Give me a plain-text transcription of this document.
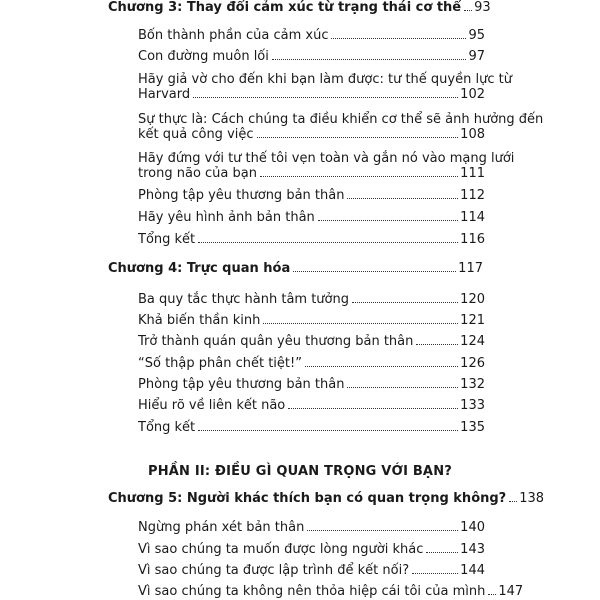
Chương 3: Thay đổi cảm xúc từ trạng thái cơ thể 93
Bốn thành phần của cảm xúc	95
Con đường muôn lối	97
Hãy giả vờ cho đến khi bạn làm được: tư thế quyền lực từ
Harvard	102
Sự thực là: Cách chúng ta điều khiển cơ thể sẽ ảnh hưởng đến
kết quả công việc	108
Hãy đứng với tư thế tôi vẹn toàn và gắn nó vào mạng lưới
trong não của bạn	111
Phòng tập yêu thương bản thân	112
Hãy yêu hình ảnh bản thân	114
Tổng kết	116
Chương 4: Trực quan hóa	117
Ba quy tắc thực hành tâm tưởng	120
Khả biến thần kinh	121
Trở thành quán quân yêu thương bản thân	124
“Số thập phân chết tiệt!”	126
Phòng tập yêu thương bản thân	132
Hiểu rõ về liên kết não	133
Tổng kết	135
PHẦN II: ĐIỀU GÌ QUAN TRỌNG VỚI BẠN?
Chương 5: Người khác thích bạn có quan trọng không? 138
Ngừng phán xét bản thân	140
Vì sao chúng ta muốn được lòng người khác	143
Vì sao chúng ta được lập trình để kết nối?	144
Vì sao chúng ta không nên thỏa hiệp cái tôi của mình 147
